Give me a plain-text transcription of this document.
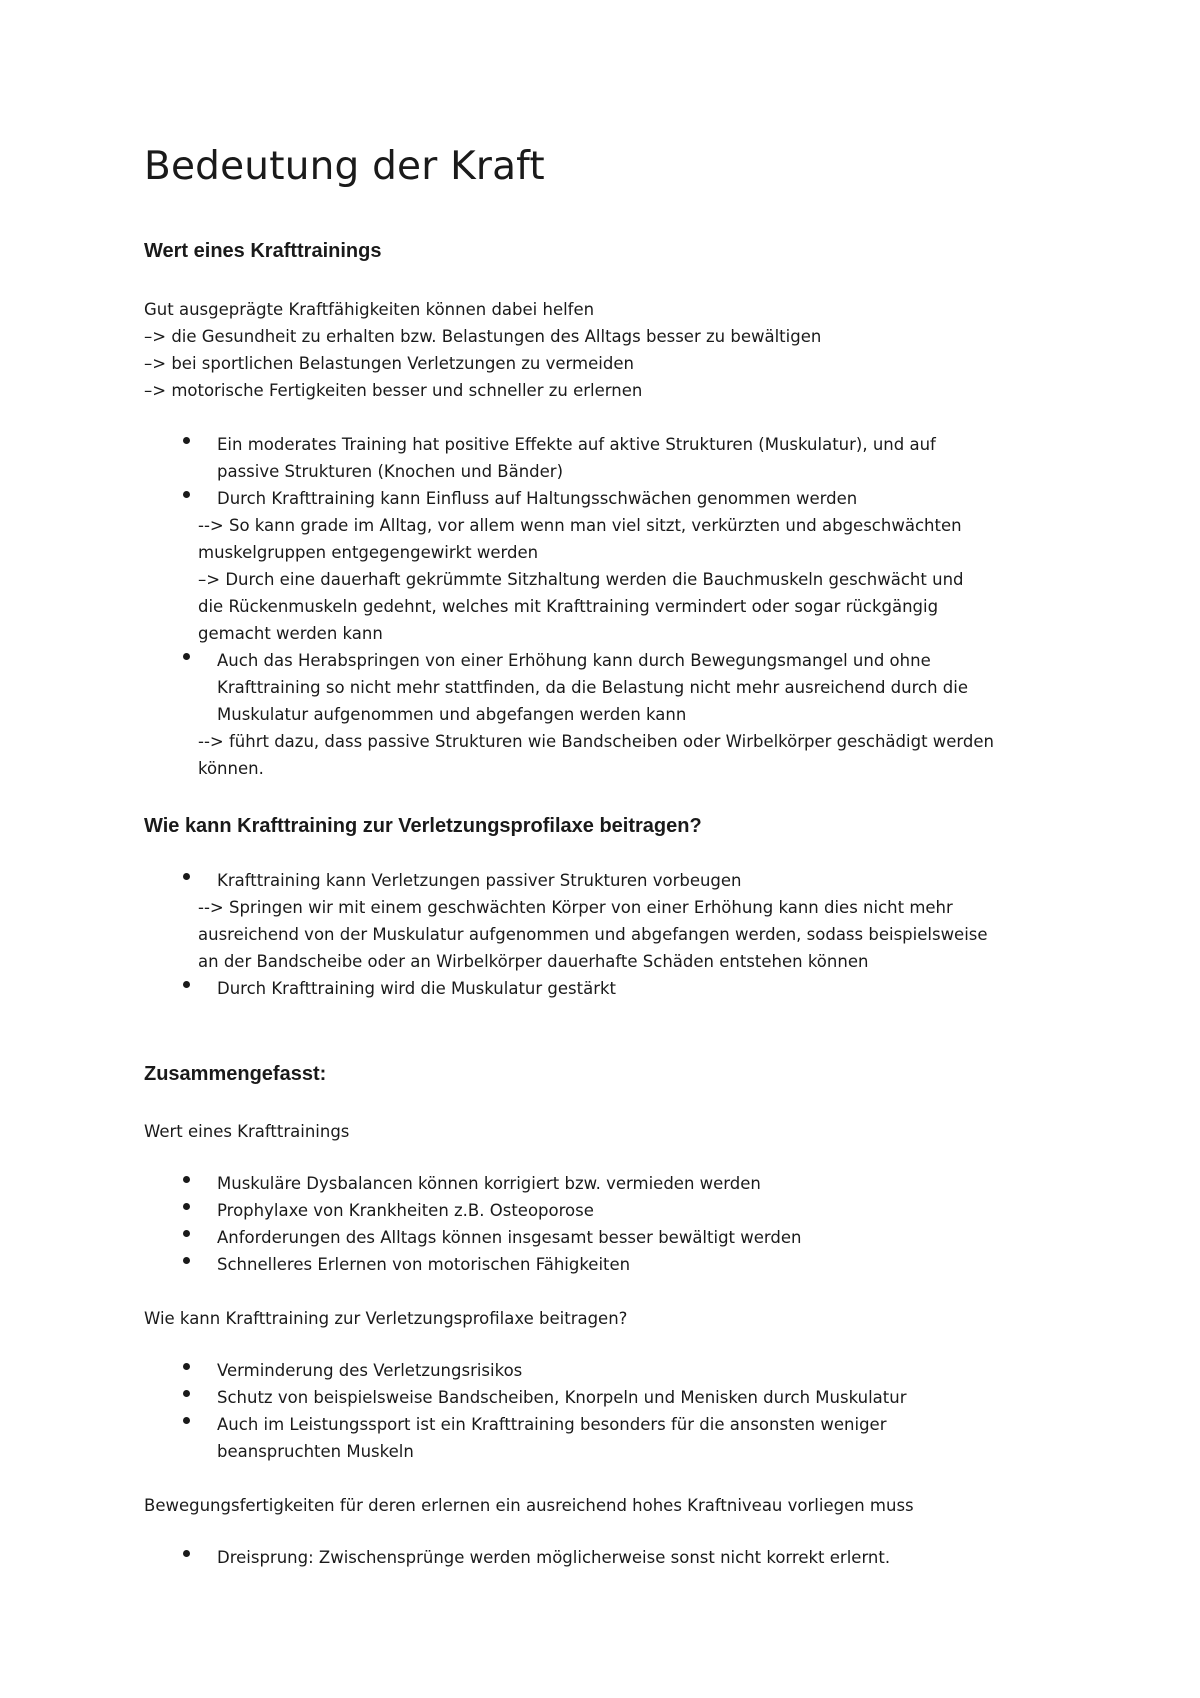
Bedeutung der Kraft
Wert eines Krafttrainings

Gut ausgeprägte Kraftfähigkeiten können dabei helfen

–> die Gesundheit zu erhalten bzw. Belastungen des Alltags besser zu bewältigen

–> bei sportlichen Belastungen Verletzungen zu vermeiden

–> motorische Fertigkeiten besser und schneller zu erlernen

Ein moderates Training hat positive Effekte auf aktive Strukturen (Muskulatur), und auf

passive Strukturen (Knochen und Bänder)

Durch Krafttraining kann Einfluss auf Haltungsschwächen genommen werden

--> So kann grade im Alltag, vor allem wenn man viel sitzt, verkürzten und abgeschwächten

muskelgruppen entgegengewirkt werden

–> Durch eine dauerhaft gekrümmte Sitzhaltung werden die Bauchmuskeln geschwächt und

die Rückenmuskeln gedehnt, welches mit Krafttraining vermindert oder sogar rückgängig

gemacht werden kann

Auch das Herabspringen von einer Erhöhung kann durch Bewegungsmangel und ohne

Krafttraining so nicht mehr stattfinden, da die Belastung nicht mehr ausreichend durch die

Muskulatur aufgenommen und abgefangen werden kann

--> führt dazu, dass passive Strukturen wie Bandscheiben oder Wirbelkörper geschädigt werden

können.

Wie kann Krafttraining zur Verletzungsprofilaxe beitragen?

Krafttraining kann Verletzungen passiver Strukturen vorbeugen

--> Springen wir mit einem geschwächten Körper von einer Erhöhung kann dies nicht mehr

ausreichend von der Muskulatur aufgenommen und abgefangen werden, sodass beispielsweise

an der Bandscheibe oder an Wirbelkörper dauerhafte Schäden entstehen können

Durch Krafttraining wird die Muskulatur gestärkt

Zusammengefasst:

Wert eines Krafttrainings

Muskuläre Dysbalancen können korrigiert bzw. vermieden werden

Prophylaxe von Krankheiten z.B. Osteoporose

Anforderungen des Alltags können insgesamt besser bewältigt werden

Schnelleres Erlernen von motorischen Fähigkeiten

Wie kann Krafttraining zur Verletzungsprofilaxe beitragen?

Verminderung des Verletzungsrisikos

Schutz von beispielsweise Bandscheiben, Knorpeln und Menisken durch Muskulatur

Auch im Leistungssport ist ein Krafttraining besonders für die ansonsten weniger

beanspruchten Muskeln

Bewegungsfertigkeiten für deren erlernen ein ausreichend hohes Kraftniveau vorliegen muss

Dreisprung: Zwischensprünge werden möglicherweise sonst nicht korrekt erlernt.
